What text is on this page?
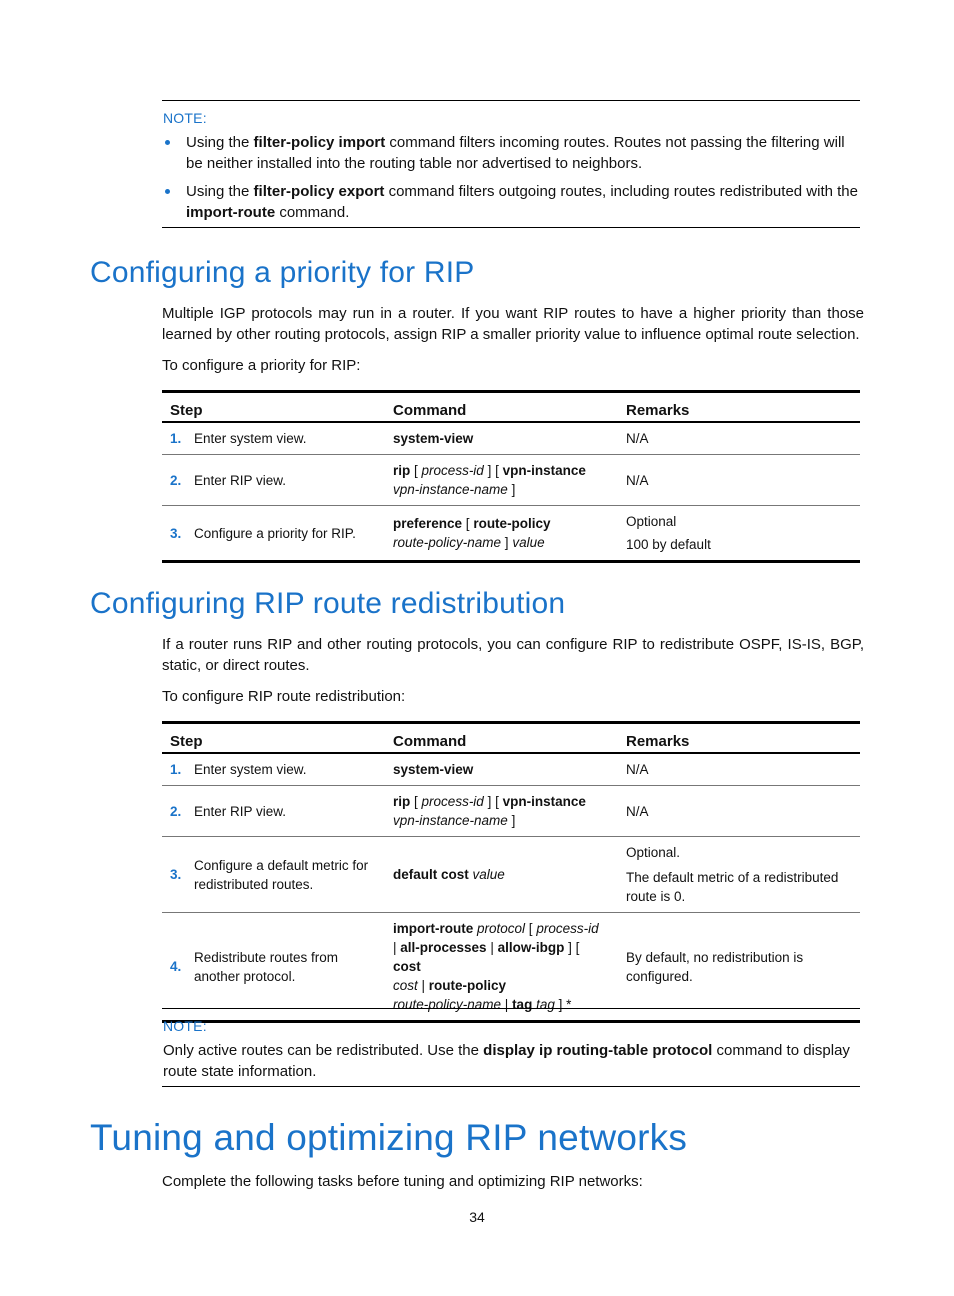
NOTE:
Using the filter-policy import command filters incoming routes. Routes not passing the filtering will be neither installed into the routing table nor advertised to neighbors.
Using the filter-policy export command filters outgoing routes, including routes redistributed with the import-route command.
Configuring a priority for RIP

Multiple IGP protocols may run in a router. If you want RIP routes to have a higher priority than those learned by other routing protocols, assign RIP a smaller priority value to influence optimal route selection.

To configure a priority for RIP:

Step		Command	Remarks
1.	Enter system view.	system-view	N/A
2.	Enter RIP view.	rip [ process-id ] [ vpn-instance
vpn-instance-name ]	N/A
3.	Configure a priority for RIP.	preference [ route-policy
route-policy-name ] value	Optional
100 by default
Configuring RIP route redistribution

If a router runs RIP and other routing protocols, you can configure RIP to redistribute OSPF, IS-IS, BGP, static, or direct routes.

To configure RIP route redistribution:

Step		Command	Remarks
1.	Enter system view.	system-view	N/A
2.	Enter RIP view.	rip [ process-id ] [ vpn-instance
vpn-instance-name ]	N/A
3.	Configure a default metric for redistributed routes.	default cost value	Optional.
The default metric of a redistributed route is 0.

4.	Redistribute routes from another protocol.	import-route protocol [ process-id
| all-processes | allow-ibgp ] [ cost
cost | route-policy
route-policy-name | tag tag ] *	By default, no redistribution is configured.
NOTE:
Only active routes can be redistributed. Use the display ip routing-table protocol command to display route state information.
Tuning and optimizing RIP networks

Complete the following tasks before tuning and optimizing RIP networks:

34
